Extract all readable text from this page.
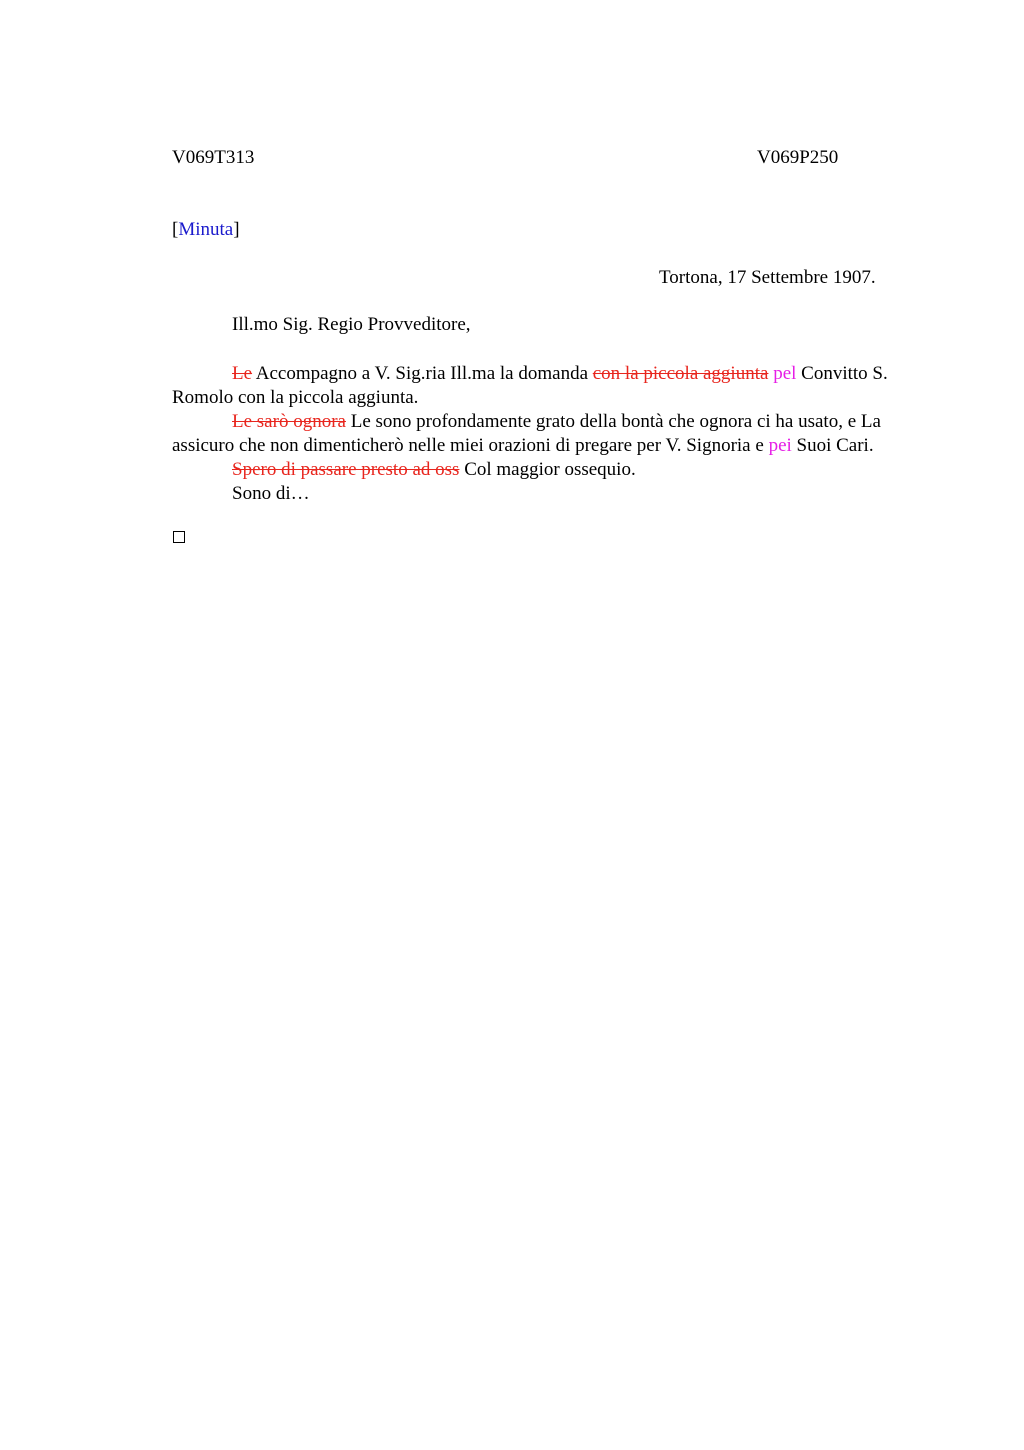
V069T313	V069P250
[Minuta]
Tortona, 17 Settembre 1907.
Ill.mo Sig. Regio Provveditore,

Le Accompagno a V. Sig.ria Ill.ma la domanda con la piccola aggiunta pel Convitto S. Romolo con la piccola aggiunta.

Le sarò ognora Le sono profondamente grato della bontà che ognora ci ha usato, e La assicuro che non dimenticherò nelle miei orazioni di pregare per V. Signoria e pei Suoi Cari.

Spero di passare presto ad oss Col maggior ossequio.

Sono di…
